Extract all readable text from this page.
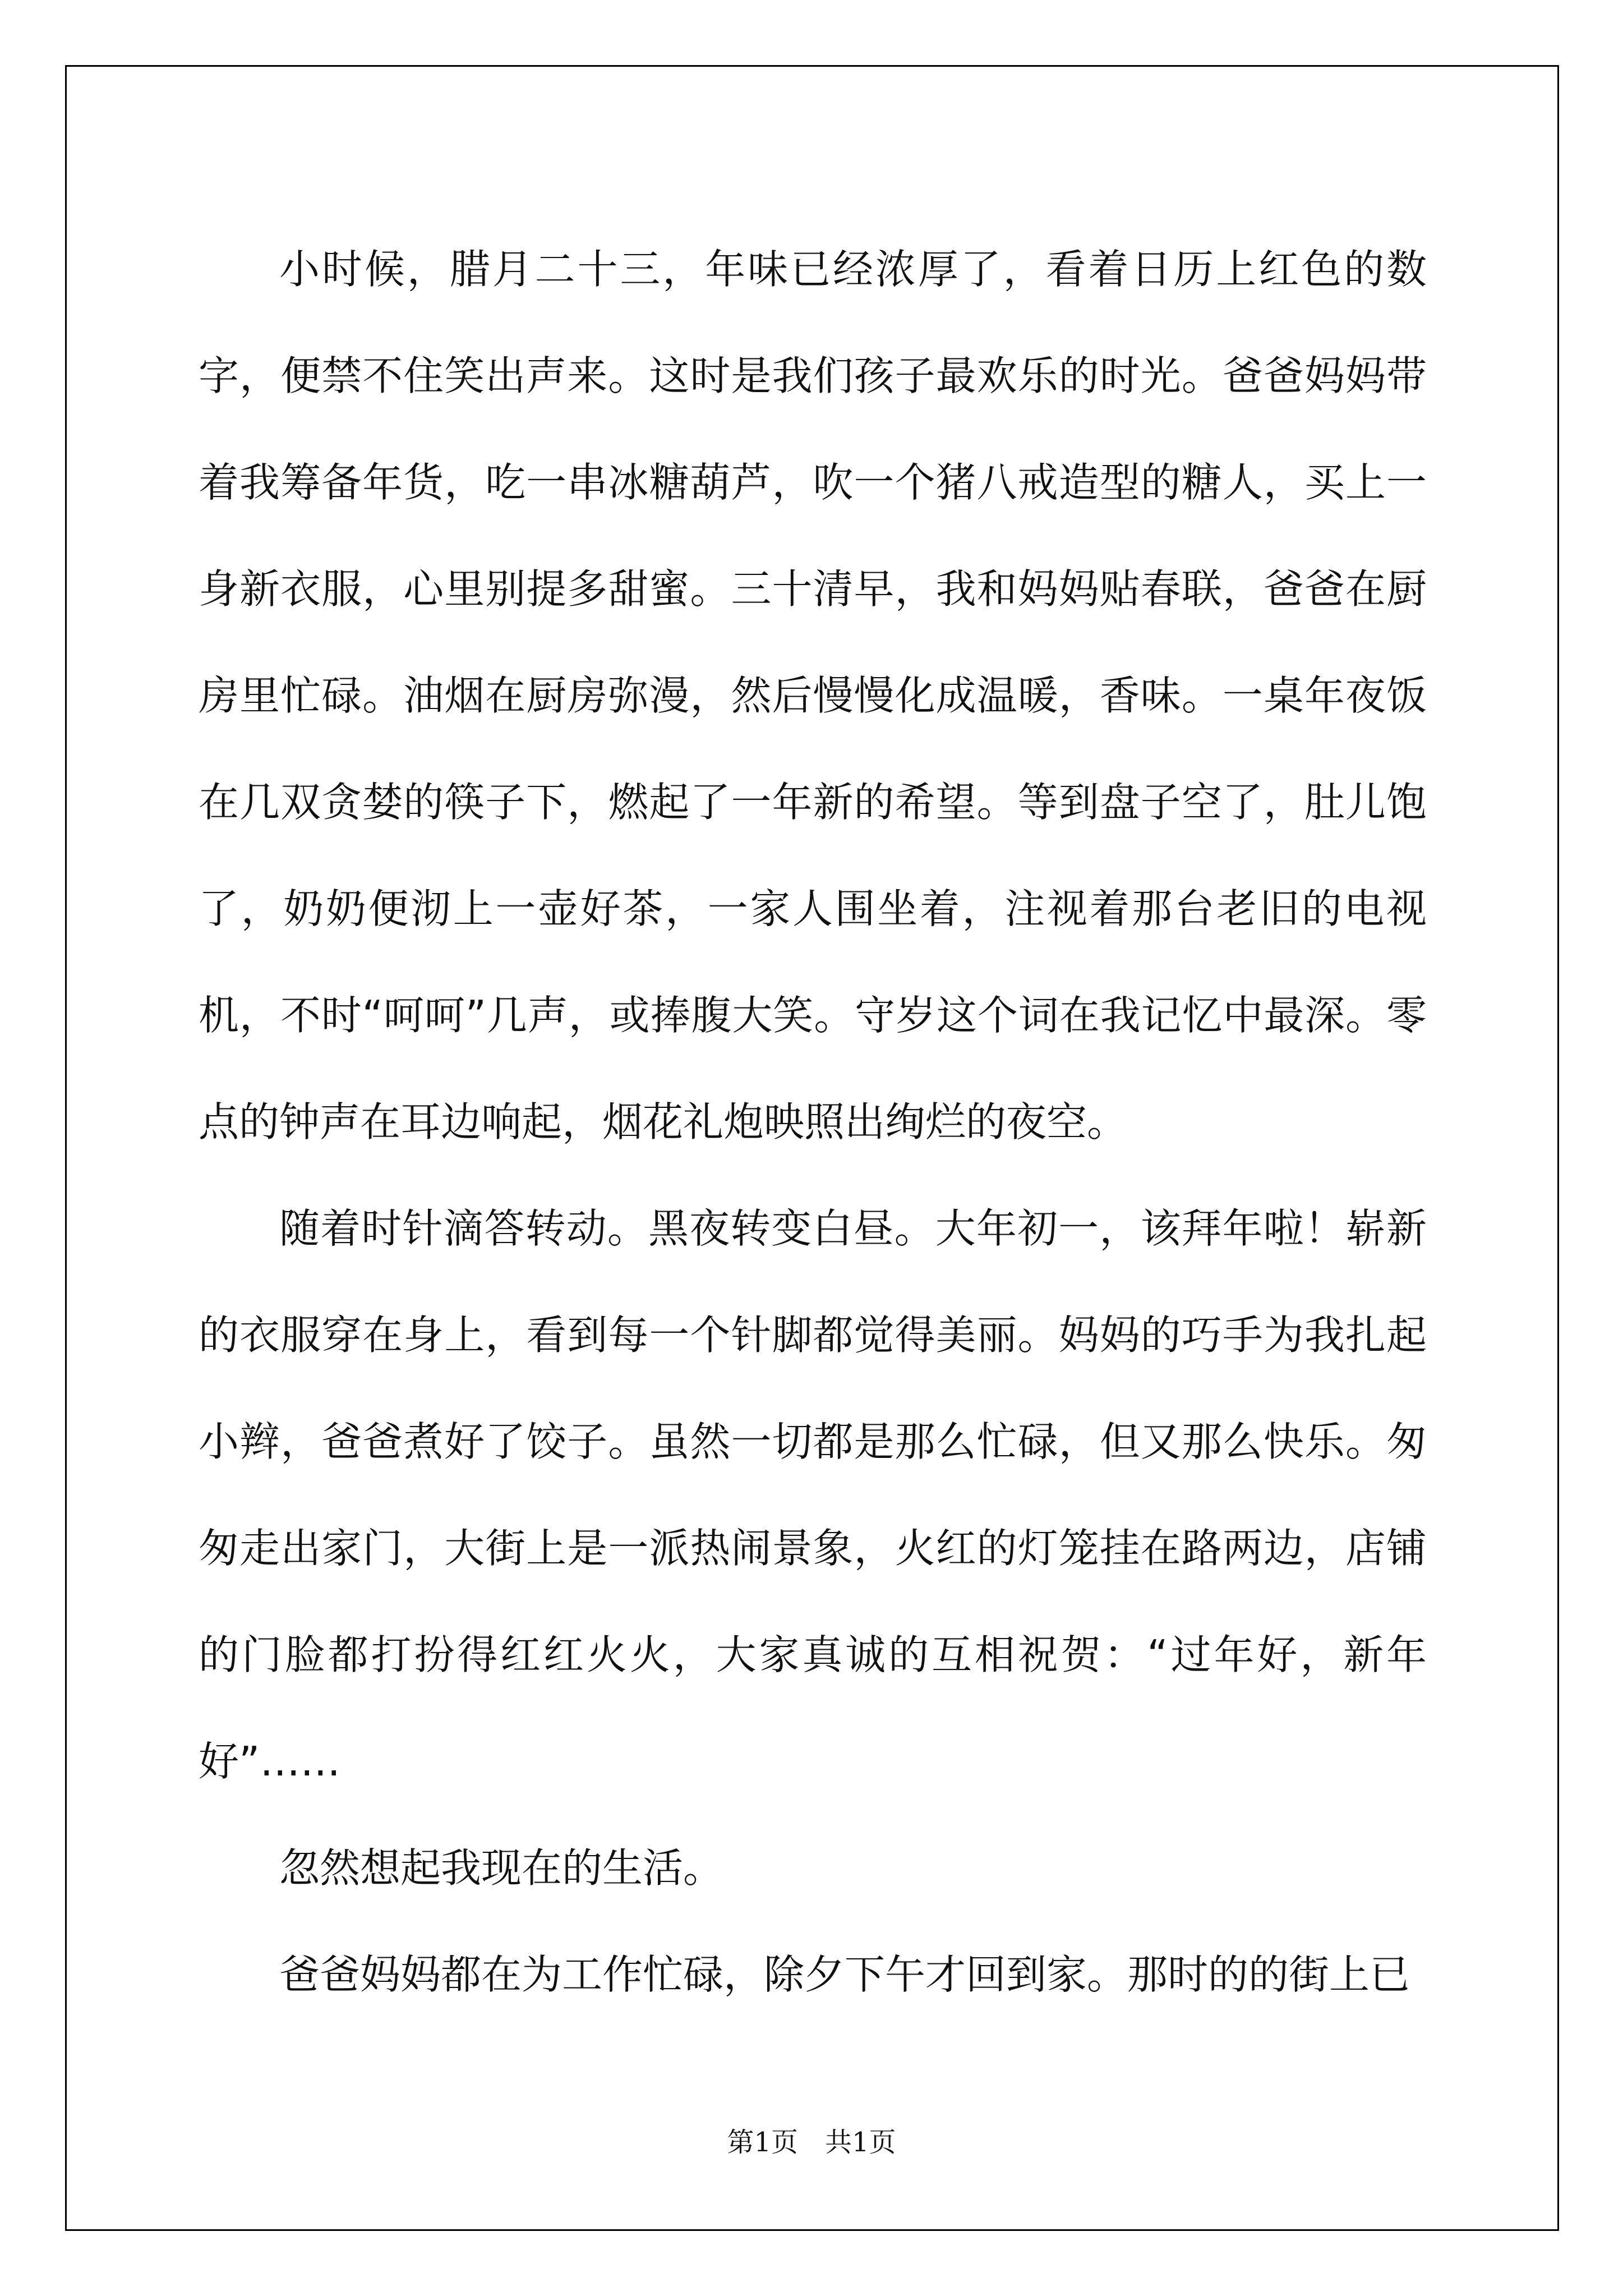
小时候，腊月二十三，年味已经浓厚了，看着日历上红色的数字，便禁不住笑出声来。这时是我们孩子最欢乐的时光。爸爸妈妈带着我筹备年货，吃一串冰糖葫芦，吹一个猪八戒造型的糖人，买上一身新衣服，心里别提多甜蜜。三十清早，我和妈妈贴春联，爸爸在厨房里忙碌。油烟在厨房弥漫，然后慢慢化成温暖，香味。一桌年夜饭在几双贪婪的筷子下，燃起了一年新的希望。等到盘子空了，肚儿饱了，奶奶便沏上一壶好茶，一家人围坐着，注视着那台老旧的电视机，不时“呵呵”几声，或捧腹大笑。守岁这个词在我记忆中最深。零点的钟声在耳边响起，烟花礼炮映照出绚烂的夜空。

随着时针滴答转动。黑夜转变白昼。大年初一，该拜年啦！崭新的衣服穿在身上，看到每一个针脚都觉得美丽。妈妈的巧手为我扎起小辫，爸爸煮好了饺子。虽然一切都是那么忙碌，但又那么快乐。匆匆走出家门，大街上是一派热闹景象，火红的灯笼挂在路两边，店铺的门脸都打扮得红红火火，大家真诚的互相祝贺：“过年好，新年好”……

忽然想起我现在的生活。

爸爸妈妈都在为工作忙碌，除夕下午才回到家。那时的的街上已

第1页　共1页
